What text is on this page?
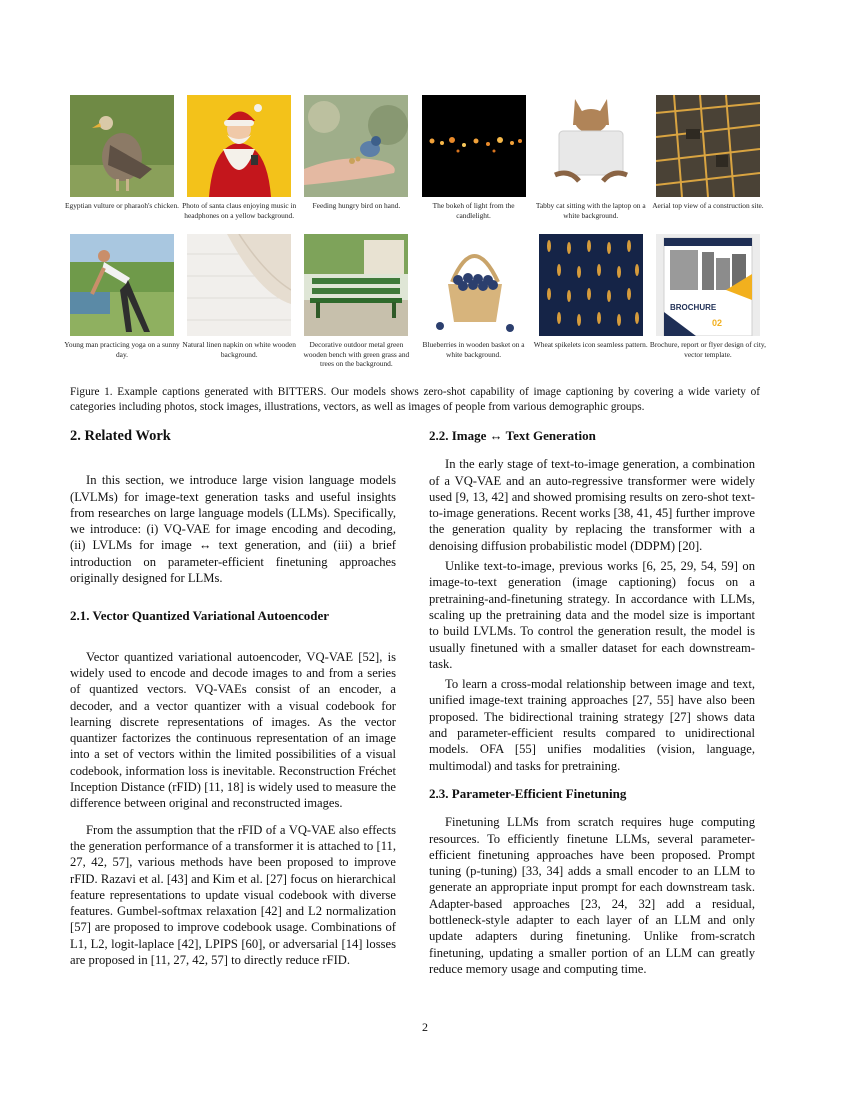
Egyptian vulture or pharaoh's chicken. Photo of santa claus enjoying music in headphones on a yellow background.
Feeding hungry bird on hand.	The bokeh of light from the candlelight.
Tabby cat sitting with the laptop on a white background.
Aerial top view of a construction site.
Young man practicing yoga on a sunny day.
Natural linen napkin on white wooden background.
Decorative outdoor metal green wooden bench with green grass and trees on the background.
Blueberries in wooden basket on a white background.
Wheat spikelets icon seamless pattern.
BROCHURE
02
Brochure, report or flyer design of city, vector template.
Figure 1. Example captions generated with BITTERS. Our models shows zero-shot capability of image captioning by covering a wide variety of categories including photos, stock images, illustrations, vectors, as well as images of people from various demographic groups.
2. Related Work

In this section, we introduce large vision language models (LVLMs) for image-text generation tasks and useful insights from researches on large language models (LLMs). Specifically, we introduce: (i) VQ-VAE for image encoding and decoding, (ii) LVLMs for image ↔ text generation, and (iii) a brief introduction on parameter-efficient finetuning approaches originally designed for LLMs.

2.1. Vector Quantized Variational Autoencoder

Vector quantized variational autoencoder, VQ-VAE [52], is widely used to encode and decode images to and from a series of quantized vectors. VQ-VAEs consist of an encoder, a decoder, and a vector quantizer with a visual codebook for learning discrete representations of images. As the vector quantizer factorizes the continuous representation of an image into a set of vectors within the limited possibilities of a visual codebook, information loss is inevitable. Reconstruction Fréchet Inception Distance (rFID) [11, 18] is widely used to measure the difference between original and reconstructed images.

From the assumption that the rFID of a VQ-VAE also effects the generation performance of a transformer it is attached to [11, 27, 42, 57], various methods have been proposed to improve rFID. Razavi et al. [43] and Kim et al. [27] focus on hierarchical feature representations to update visual codebook with diverse features. Gumbel-softmax relaxation [42] and L2 normalization [57] are proposed to improve codebook usage. Combinations of L1, L2, logit-laplace [42], LPIPS [60], or adversarial [14] losses are proposed in [11, 27, 42, 57] to directly reduce rFID.

2.2. Image ↔ Text Generation

In the early stage of text-to-image generation, a combination of a VQ-VAE and an auto-regressive transformer were widely used [9, 13, 42] and showed promising results on zero-shot text-to-image generations. Recent works [38, 41, 45] further improve the generation quality by replacing the transformer with a denoising diffusion probabilistic model (DDPM) [20].

Unlike text-to-image, previous works [6, 25, 29, 54, 59] on image-to-text generation (image captioning) focus on a pretraining-and-finetuning strategy. In accordance with LLMs, scaling up the pretraining data and the model size is important to build LVLMs. To control the generation result, the model is usually finetuned with a smaller dataset for each downstream-task.

To learn a cross-modal relationship between image and text, unified image-text training approaches [27, 55] have also been proposed. The bidirectional training strategy [27] shows data and parameter-efficient results compared to unidirectional models. OFA [55] unifies modalities (vision, language, multimodal) and tasks for pretraining.

2.3. Parameter-Efficient Finetuning

Finetuning LLMs from scratch requires huge computing resources. To efficiently finetune LLMs, several parameter-efficient finetuning approaches have been proposed. Prompt tuning (p-tuning) [33, 34] adds a small encoder to an LLM to generate an appropriate input prompt for each downstream task. Adapter-based approaches [23, 24, 32] add a residual, bottleneck-style adapter to each layer of an LLM and only update adapters during finetuning. Unlike from-scratch finetuning, updating a smaller portion of an LLM can greatly reduce memory usage and computing time.

2
